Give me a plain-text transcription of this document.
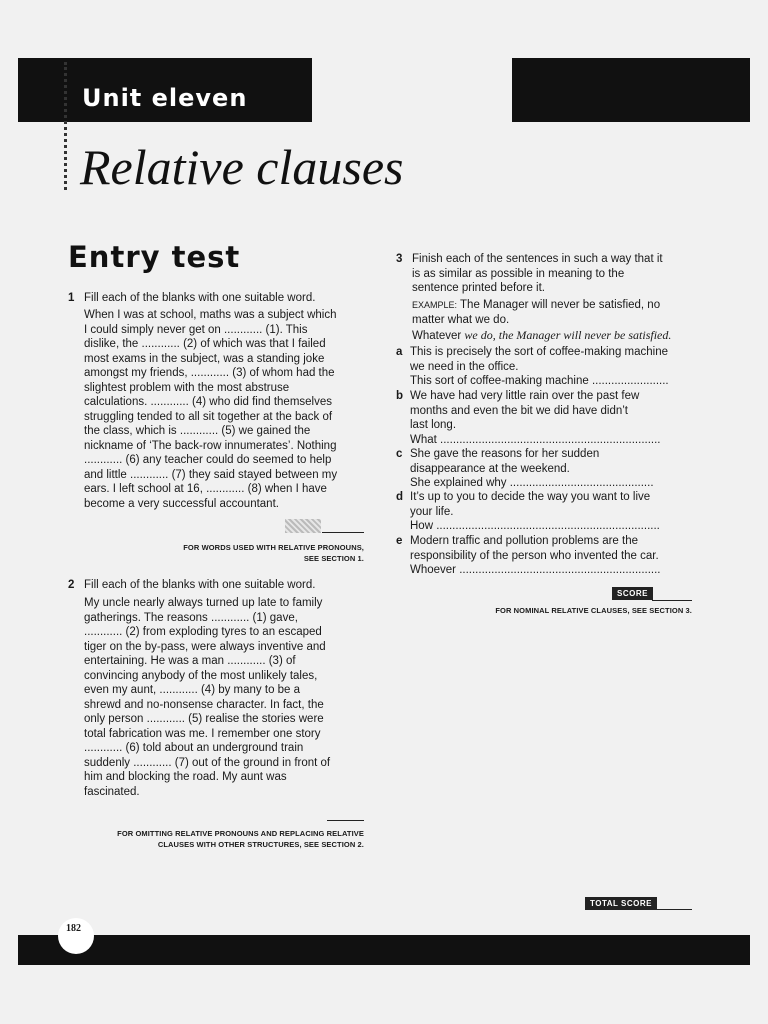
Unit eleven
Relative clauses
Entry test
1 Fill each of the blanks with one suitable word.
When I was at school, maths was a subject which
I could simply never get on ............ (1). This
dislike, the ............ (2) of which was that I failed
most exams in the subject, was a standing joke
amongst my friends, ............ (3) of whom had the
slightest problem with the most abstruse
calculations. ............ (4) who did find themselves
struggling tended to all sit together at the back of
the class, which is ............ (5) we gained the
nickname of ‘The back-row innumerates’. Nothing
............ (6) any teacher could do seemed to help
and little ............ (7) they said stayed between my
ears. I left school at 16, ............ (8) when I have
become a very successful accountant.
FOR WORDS USED WITH RELATIVE PRONOUNS,
SEE SECTION 1.
2 Fill each of the blanks with one suitable word.
My uncle nearly always turned up late to family
gatherings. The reasons ............ (1) gave,
............ (2) from exploding tyres to an escaped
tiger on the by-pass, were always inventive and
entertaining. He was a man ............ (3) of
convincing anybody of the most unlikely tales,
even my aunt, ............ (4) by many to be a
shrewd and no-nonsense character. In fact, the
only person ............ (5) realise the stories were
total fabrication was me. I remember one story
............ (6) told about an underground train
suddenly ............ (7) out of the ground in front of
him and blocking the road. My aunt was
fascinated.
FOR OMITTING RELATIVE PRONOUNS AND REPLACING RELATIVE
CLAUSES WITH OTHER STRUCTURES, SEE SECTION 2.
3 Finish each of the sentences in such a way that it
is as similar as possible in meaning to the
sentence printed before it.
EXAMPLE: The Manager will never be satisfied, no
matter what we do.
Whatever we do, the Manager will never be satisfied.
a This is precisely the sort of coffee-making machine
we need in the office.
This sort of coffee-making machine ........................
b We have had very little rain over the past few
months and even the bit we did have didn’t
last long.
What .....................................................................
c She gave the reasons for her sudden
disappearance at the weekend.
She explained why .............................................
d It’s up to you to decide the way you want to live
your life.
How ......................................................................
e Modern traffic and pollution problems are the
responsibility of the person who invented the car.
Whoever ...............................................................
SCORE
FOR NOMINAL RELATIVE CLAUSES, SEE SECTION 3.
TOTAL SCORE
182
